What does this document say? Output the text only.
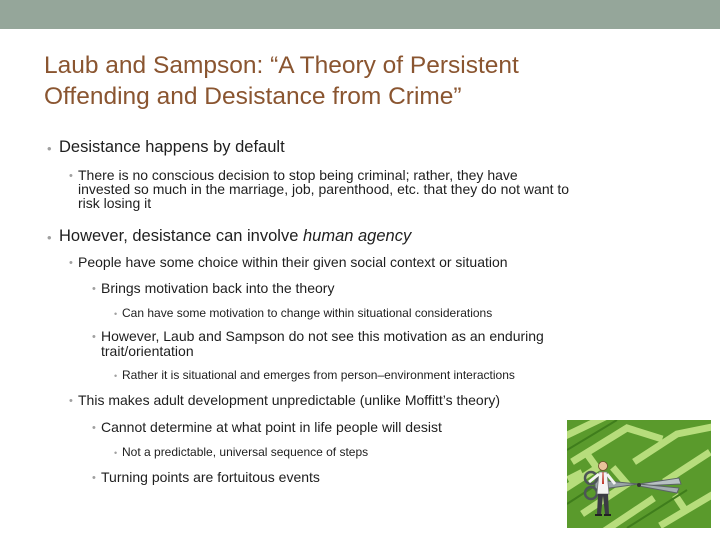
Laub and Sampson: “A Theory of Persistent
Offending and Desistance from Crime”
• Desistance happens by default
• There is no conscious decision to stop being criminal; rather, they have
invested so much in the marriage, job, parenthood, etc. that they do not want to
risk losing it
• However, desistance can involve human agency
• People have some choice within their given social context or situation
• Brings motivation back into the theory
• Can have some motivation to change within situational considerations
• However, Laub and Sampson do not see this motivation as an enduring
trait/orientation
• Rather it is situational and emerges from person–environment interactions
• This makes adult development unpredictable (unlike Moffitt’s theory)
• Cannot determine at what point in life people will desist
• Not a predictable, universal sequence of steps
• Turning points are fortuitous events
